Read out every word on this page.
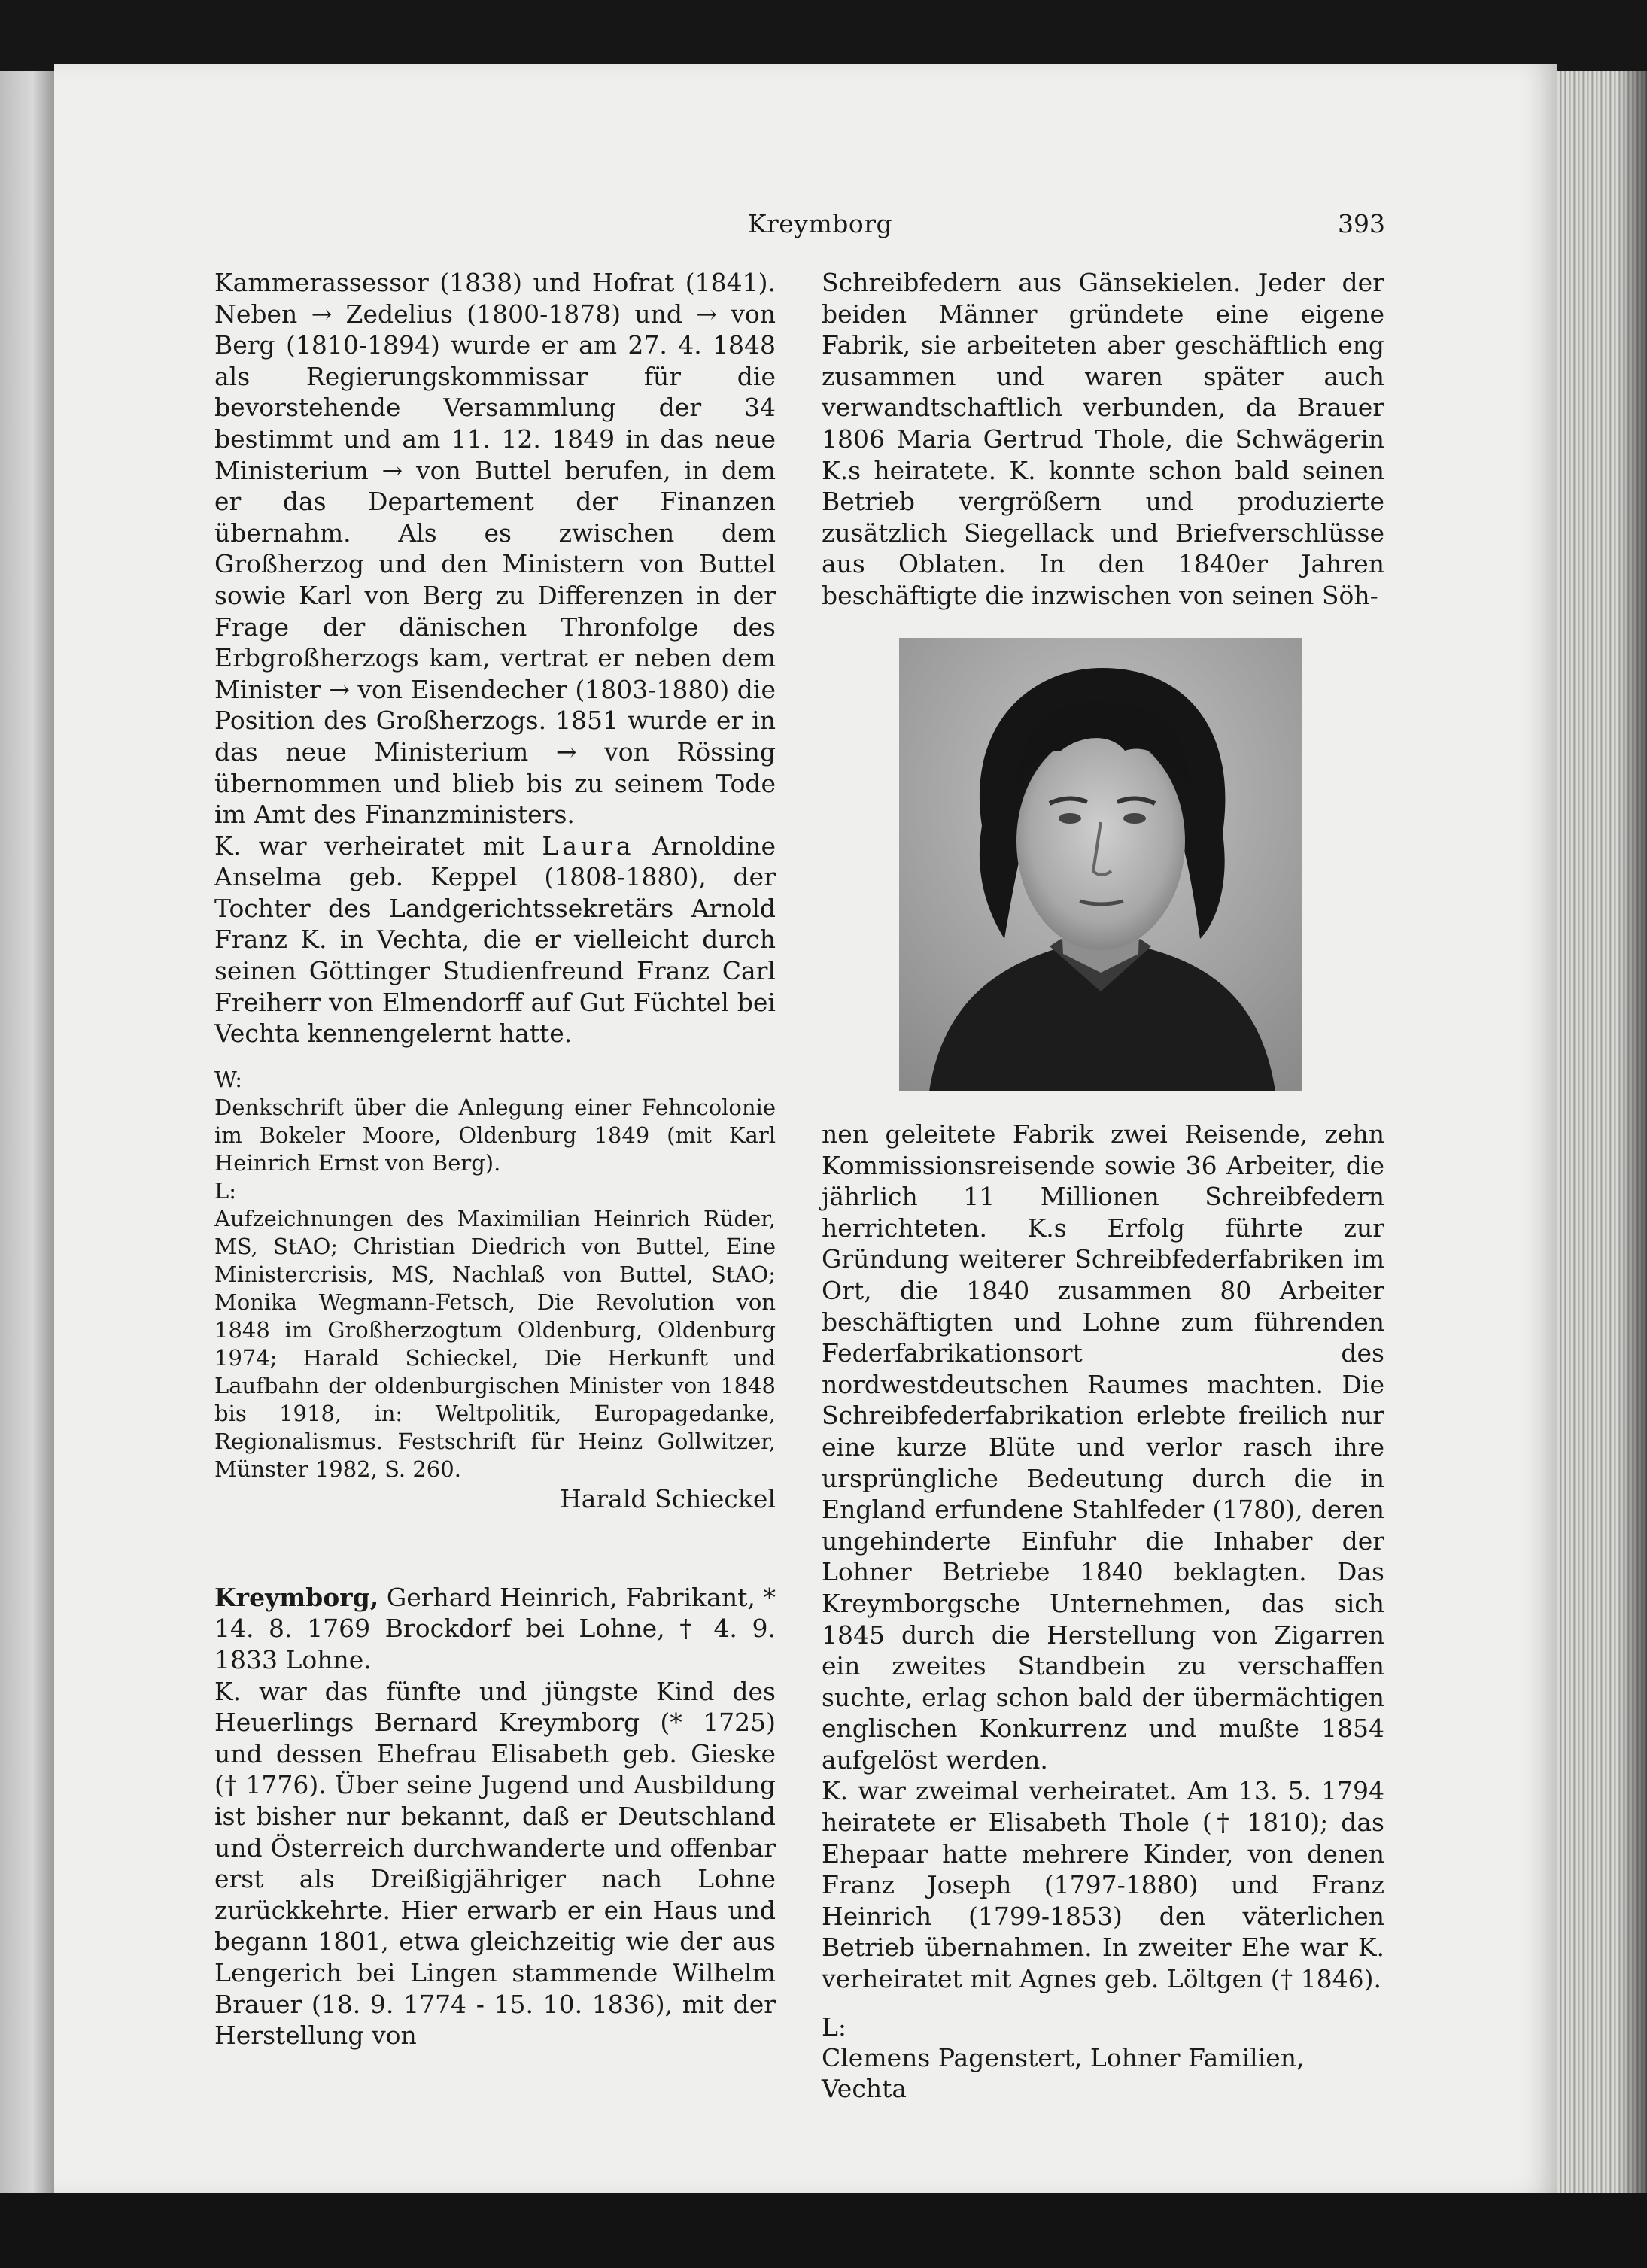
Kreymborg	393

Kammerassessor (1838) und Hofrat (1841). Neben → Zedelius (1800-1878) und → von Berg (1810-1894) wurde er am 27. 4. 1848 als Regierungskommissar für die bevorstehende Versammlung der 34 bestimmt und am 11. 12. 1849 in das neue Ministerium → von Buttel berufen, in dem er das Departement der Finanzen übernahm. Als es zwischen dem Großherzog und den Ministern von Buttel sowie Karl von Berg zu Differenzen in der Frage der dänischen Thronfolge des Erbgroßherzogs kam, vertrat er neben dem Minister → von Eisendecher (1803-1880) die Position des Großherzogs. 1851 wurde er in das neue Ministerium → von Rössing übernommen und blieb bis zu seinem Tode im Amt des Finanzministers.

K. war verheiratet mit Laura Arnoldine Anselma geb. Keppel (1808-1880), der Tochter des Landgerichtssekretärs Arnold Franz K. in Vechta, die er vielleicht durch seinen Göttinger Studienfreund Franz Carl Freiherr von Elmendorff auf Gut Füchtel bei Vechta kennengelernt hatte.

W:

Denkschrift über die Anlegung einer Fehncolonie im Bokeler Moore, Oldenburg 1849 (mit Karl Heinrich Ernst von Berg).

L:

Aufzeichnungen des Maximilian Heinrich Rüder, MS, StAO; Christian Diedrich von Buttel, Eine Ministercrisis, MS, Nachlaß von Buttel, StAO; Monika Wegmann-Fetsch, Die Revolution von 1848 im Großherzogtum Oldenburg, Oldenburg 1974; Harald Schieckel, Die Herkunft und Laufbahn der oldenburgischen Minister von 1848 bis 1918, in: Weltpolitik, Europagedanke, Regionalismus. Festschrift für Heinz Gollwitzer, Münster 1982, S. 260.

Harald Schieckel

Kreymborg, Gerhard Heinrich, Fabrikant, * 14. 8. 1769 Brockdorf bei Lohne, † 4. 9. 1833 Lohne.

K. war das fünfte und jüngste Kind des Heuerlings Bernard Kreymborg (* 1725) und dessen Ehefrau Elisabeth geb. Gieske († 1776). Über seine Jugend und Ausbildung ist bisher nur bekannt, daß er Deutschland und Österreich durchwanderte und offenbar erst als Dreißigjähriger nach Lohne zurückkehrte. Hier erwarb er ein Haus und begann 1801, etwa gleichzeitig wie der aus Lengerich bei Lingen stammende Wilhelm Brauer (18. 9. 1774 - 15. 10. 1836), mit der Herstellung von

Schreibfedern aus Gänsekielen. Jeder der beiden Männer gründete eine eigene Fabrik, sie arbeiteten aber geschäftlich eng zusammen und waren später auch verwandtschaftlich verbunden, da Brauer 1806 Maria Gertrud Thole, die Schwägerin K.s heiratete. K. konnte schon bald seinen Betrieb vergrößern und produzierte zusätzlich Siegellack und Briefverschlüsse aus Oblaten. In den 1840er Jahren beschäftigte die inzwischen von seinen Söh-

nen geleitete Fabrik zwei Reisende, zehn Kommissionsreisende sowie 36 Arbeiter, die jährlich 11 Millionen Schreibfedern herrichteten. K.s Erfolg führte zur Gründung weiterer Schreibfederfabriken im Ort, die 1840 zusammen 80 Arbeiter beschäftigten und Lohne zum führenden Federfabrikationsort des nordwestdeutschen Raumes machten. Die Schreibfederfabrikation erlebte freilich nur eine kurze Blüte und verlor rasch ihre ursprüngliche Bedeutung durch die in England erfundene Stahlfeder (1780), deren ungehinderte Einfuhr die Inhaber der Lohner Betriebe 1840 beklagten. Das Kreymborgsche Unternehmen, das sich 1845 durch die Herstellung von Zigarren ein zweites Standbein zu verschaffen suchte, erlag schon bald der übermächtigen englischen Konkurrenz und mußte 1854 aufgelöst werden.

K. war zweimal verheiratet. Am 13. 5. 1794 heiratete er Elisabeth Thole († 1810); das Ehepaar hatte mehrere Kinder, von denen Franz Joseph (1797-1880) und Franz Heinrich (1799-1853) den väterlichen Betrieb übernahmen. In zweiter Ehe war K. verheiratet mit Agnes geb. Löltgen († 1846).

L:

Clemens Pagenstert, Lohner Familien, Vechta
